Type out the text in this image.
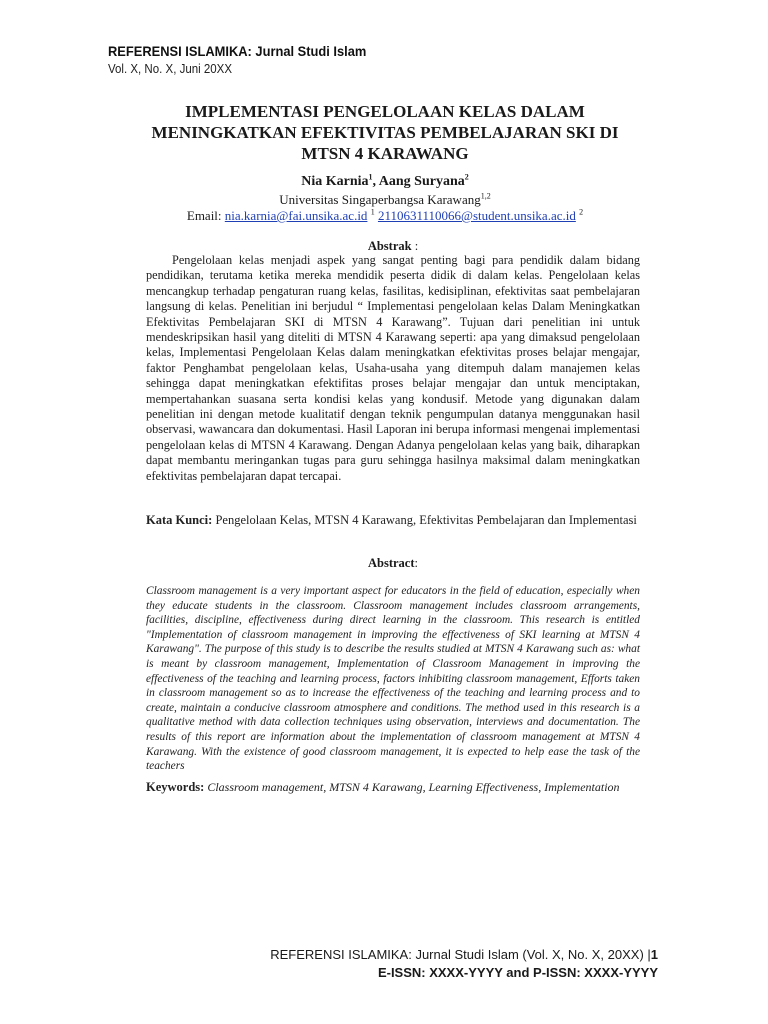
REFERENSI ISLAMIKA: Jurnal Studi Islam
Vol. X, No. X, Juni 20XX
IMPLEMENTASI PENGELOLAAN KELAS DALAM MENINGKATKAN EFEKTIVITAS PEMBELAJARAN SKI DI MTSN 4 KARAWANG
Nia Karnia$^1$, Aang Suryana$^2$
Universitas Singaperbangsa Karawang$^{1,2}$
Email: nia.karnia@fai.unsika.ac.id $^1$ 2110631110066@student.unsika.ac.id $^2$
Abstrak :

Pengelolaan kelas menjadi aspek yang sangat penting bagi para pendidik dalam bidang pendidikan, terutama ketika mereka mendidik peserta didik di dalam kelas. Pengelolaan kelas mencangkup terhadap pengaturan ruang kelas, fasilitas, kedisiplinan, efektivitas saat pembelajaran langsung di kelas. Penelitian ini berjudul “ Implementasi pengelolaan kelas Dalam Meningkatkan Efektivitas Pembelajaran SKI di MTSN 4 Karawang”. Tujuan dari penelitian ini untuk mendeskripsikan hasil yang diteliti di MTSN 4 Karawang seperti: apa yang dimaksud pengelolaan kelas, Implementasi Pengelolaan Kelas dalam meningkatkan efektivitas proses belajar mengajar, faktor Penghambat pengelolaan kelas, Usaha-usaha yang ditempuh dalam manajemen kelas sehingga dapat meningkatkan efektifitas proses belajar mengajar dan untuk menciptakan, mempertahankan suasana serta kondisi kelas yang kondusif. Metode yang digunakan dalam penelitian ini dengan metode kualitatif dengan teknik pengumpulan datanya menggunakan hasil observasi, wawancara dan dokumentasi. Hasil Laporan ini berupa informasi mengenai implementasi pengelolaan kelas di MTSN 4 Karawang. Dengan Adanya pengelolaan kelas yang baik, diharapkan dapat membantu meringankan tugas para guru sehingga hasilnya maksimal dalam meningkatkan efektivitas pembelajaran dapat tercapai.

Kata Kunci: Pengelolaan Kelas, MTSN 4 Karawang, Efektivitas Pembelajaran dan Implementasi
Abstract:

Classroom management is a very important aspect for educators in the field of education, especially when they educate students in the classroom. Classroom management includes classroom arrangements, facilities, discipline, effectiveness during direct learning in the classroom. This research is entitled "Implementation of classroom management in improving the effectiveness of SKI learning at MTSN 4 Karawang". The purpose of this study is to describe the results studied at MTSN 4 Karawang such as: what is meant by classroom management, Implementation of Classroom Management in improving the effectiveness of the teaching and learning process, factors inhibiting classroom management, Efforts taken in classroom management so as to increase the effectiveness of the teaching and learning process and to create, maintain a conducive classroom atmosphere and conditions. The method used in this research is a qualitative method with data collection techniques using observation, interviews and documentation. The results of this report are information about the implementation of classroom management at MTSN 4 Karawang. With the existence of good classroom management, it is expected to help ease the task of the teachers

Keywords: Classroom management, MTSN 4 Karawang, Learning Effectiveness, Implementation
REFERENSI ISLAMIKA: Jurnal Studi Islam (Vol. X, No. X, 20XX) |1
E-ISSN: XXXX-YYYY and P-ISSN: XXXX-YYYY
